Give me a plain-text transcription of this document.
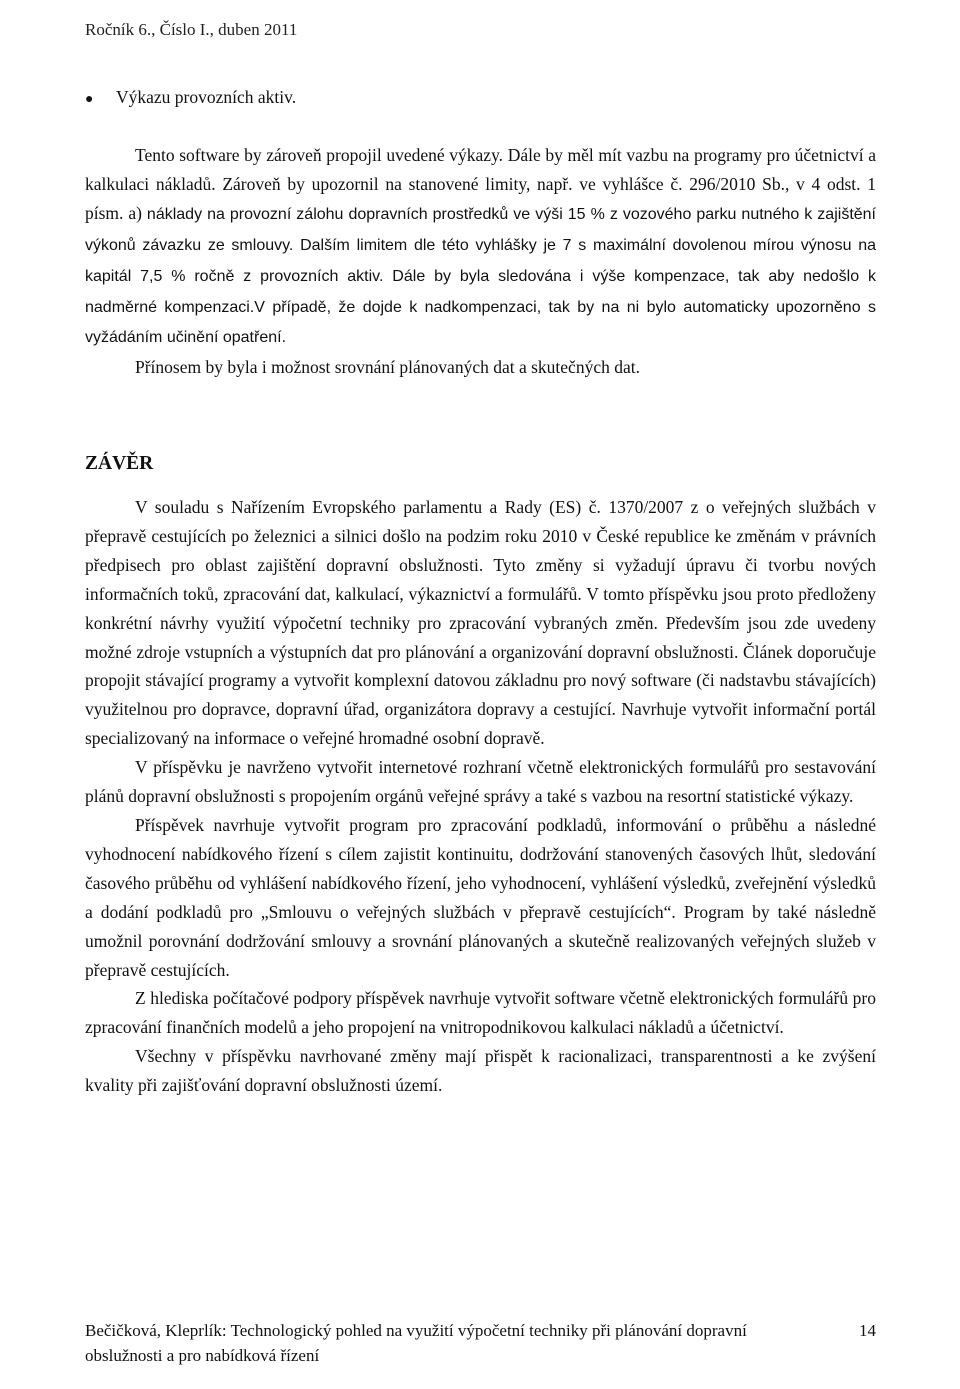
Ročník 6., Číslo I., duben 2011
●	Výkazu provozních aktiv.

Tento software by zároveň propojil uvedené výkazy. Dále by měl mít vazbu na programy pro účetnictví a kalkulaci nákladů. Zároveň by upozornil na stanovené limity, např. ve vyhlášce č. 296/2010 Sb., v 4 odst. 1 písm. a) náklady na provozní zálohu dopravních prostředků ve výši 15 % z vozového parku nutného k zajištění výkonů závazku ze smlouvy. Dalším limitem dle této vyhlášky je 7 s maximální dovolenou mírou výnosu na kapitál 7,5 % ročně z provozních aktiv. Dále by byla sledována i výše kompenzace, tak aby nedošlo k nadměrné kompenzaci.V případě, že dojde k nadkompenzaci, tak by na ni bylo automaticky upozorněno s vyžádáním učinění opatření.

Přínosem by byla i možnost srovnání plánovaných dat a skutečných dat.

ZÁVĚR

V souladu s Nařízením Evropského parlamentu a Rady (ES) č. 1370/2007 z o veřejných službách v přepravě cestujících po železnici a silnici došlo na podzim roku 2010 v České republice ke změnám v právních předpisech pro oblast zajištění dopravní obslužnosti. Tyto změny si vyžadují úpravu či tvorbu nových informačních toků, zpracování dat, kalkulací, výkaznictví a formulářů. V tomto příspěvku jsou proto předloženy konkrétní návrhy využití výpočetní techniky pro zpracování vybraných změn. Především jsou zde uvedeny možné zdroje vstupních a výstupních dat pro plánování a organizování dopravní obslužnosti. Článek doporučuje propojit stávající programy a vytvořit komplexní datovou základnu pro nový software (či nadstavbu stávajících) využitelnou pro dopravce, dopravní úřad, organizátora dopravy a cestující. Navrhuje vytvořit informační portál specializovaný na informace o veřejné hromadné osobní dopravě.

V příspěvku je navrženo vytvořit internetové rozhraní včetně elektronických formulářů pro sestavování plánů dopravní obslužnosti s propojením orgánů veřejné správy a také s vazbou na resortní statistické výkazy.

Příspěvek navrhuje vytvořit program pro zpracování podkladů, informování o průběhu a následné vyhodnocení nabídkového řízení s cílem zajistit kontinuitu, dodržování stanovených časových lhůt, sledování časového průběhu od vyhlášení nabídkového řízení, jeho vyhodnocení, vyhlášení výsledků, zveřejnění výsledků a dodání podkladů pro „Smlouvu o veřejných službách v přepravě cestujících“. Program by také následně umožnil porovnání dodržování smlouvy a srovnání plánovaných a skutečně realizovaných veřejných služeb v přepravě cestujících.

Z hlediska počítačové podpory příspěvek navrhuje vytvořit software včetně elektronických formulářů pro zpracování finančních modelů a jeho propojení na vnitropodnikovou kalkulaci nákladů a účetnictví.

Všechny v příspěvku navrhované změny mají přispět k racionalizaci, transparentnosti a ke zvýšení kvality při zajišťování dopravní obslužnosti území.

Bečičková, Kleprlík: Technologický pohled na využití výpočetní techniky při plánování dopravní obslužnosti a pro nabídková řízení
14
